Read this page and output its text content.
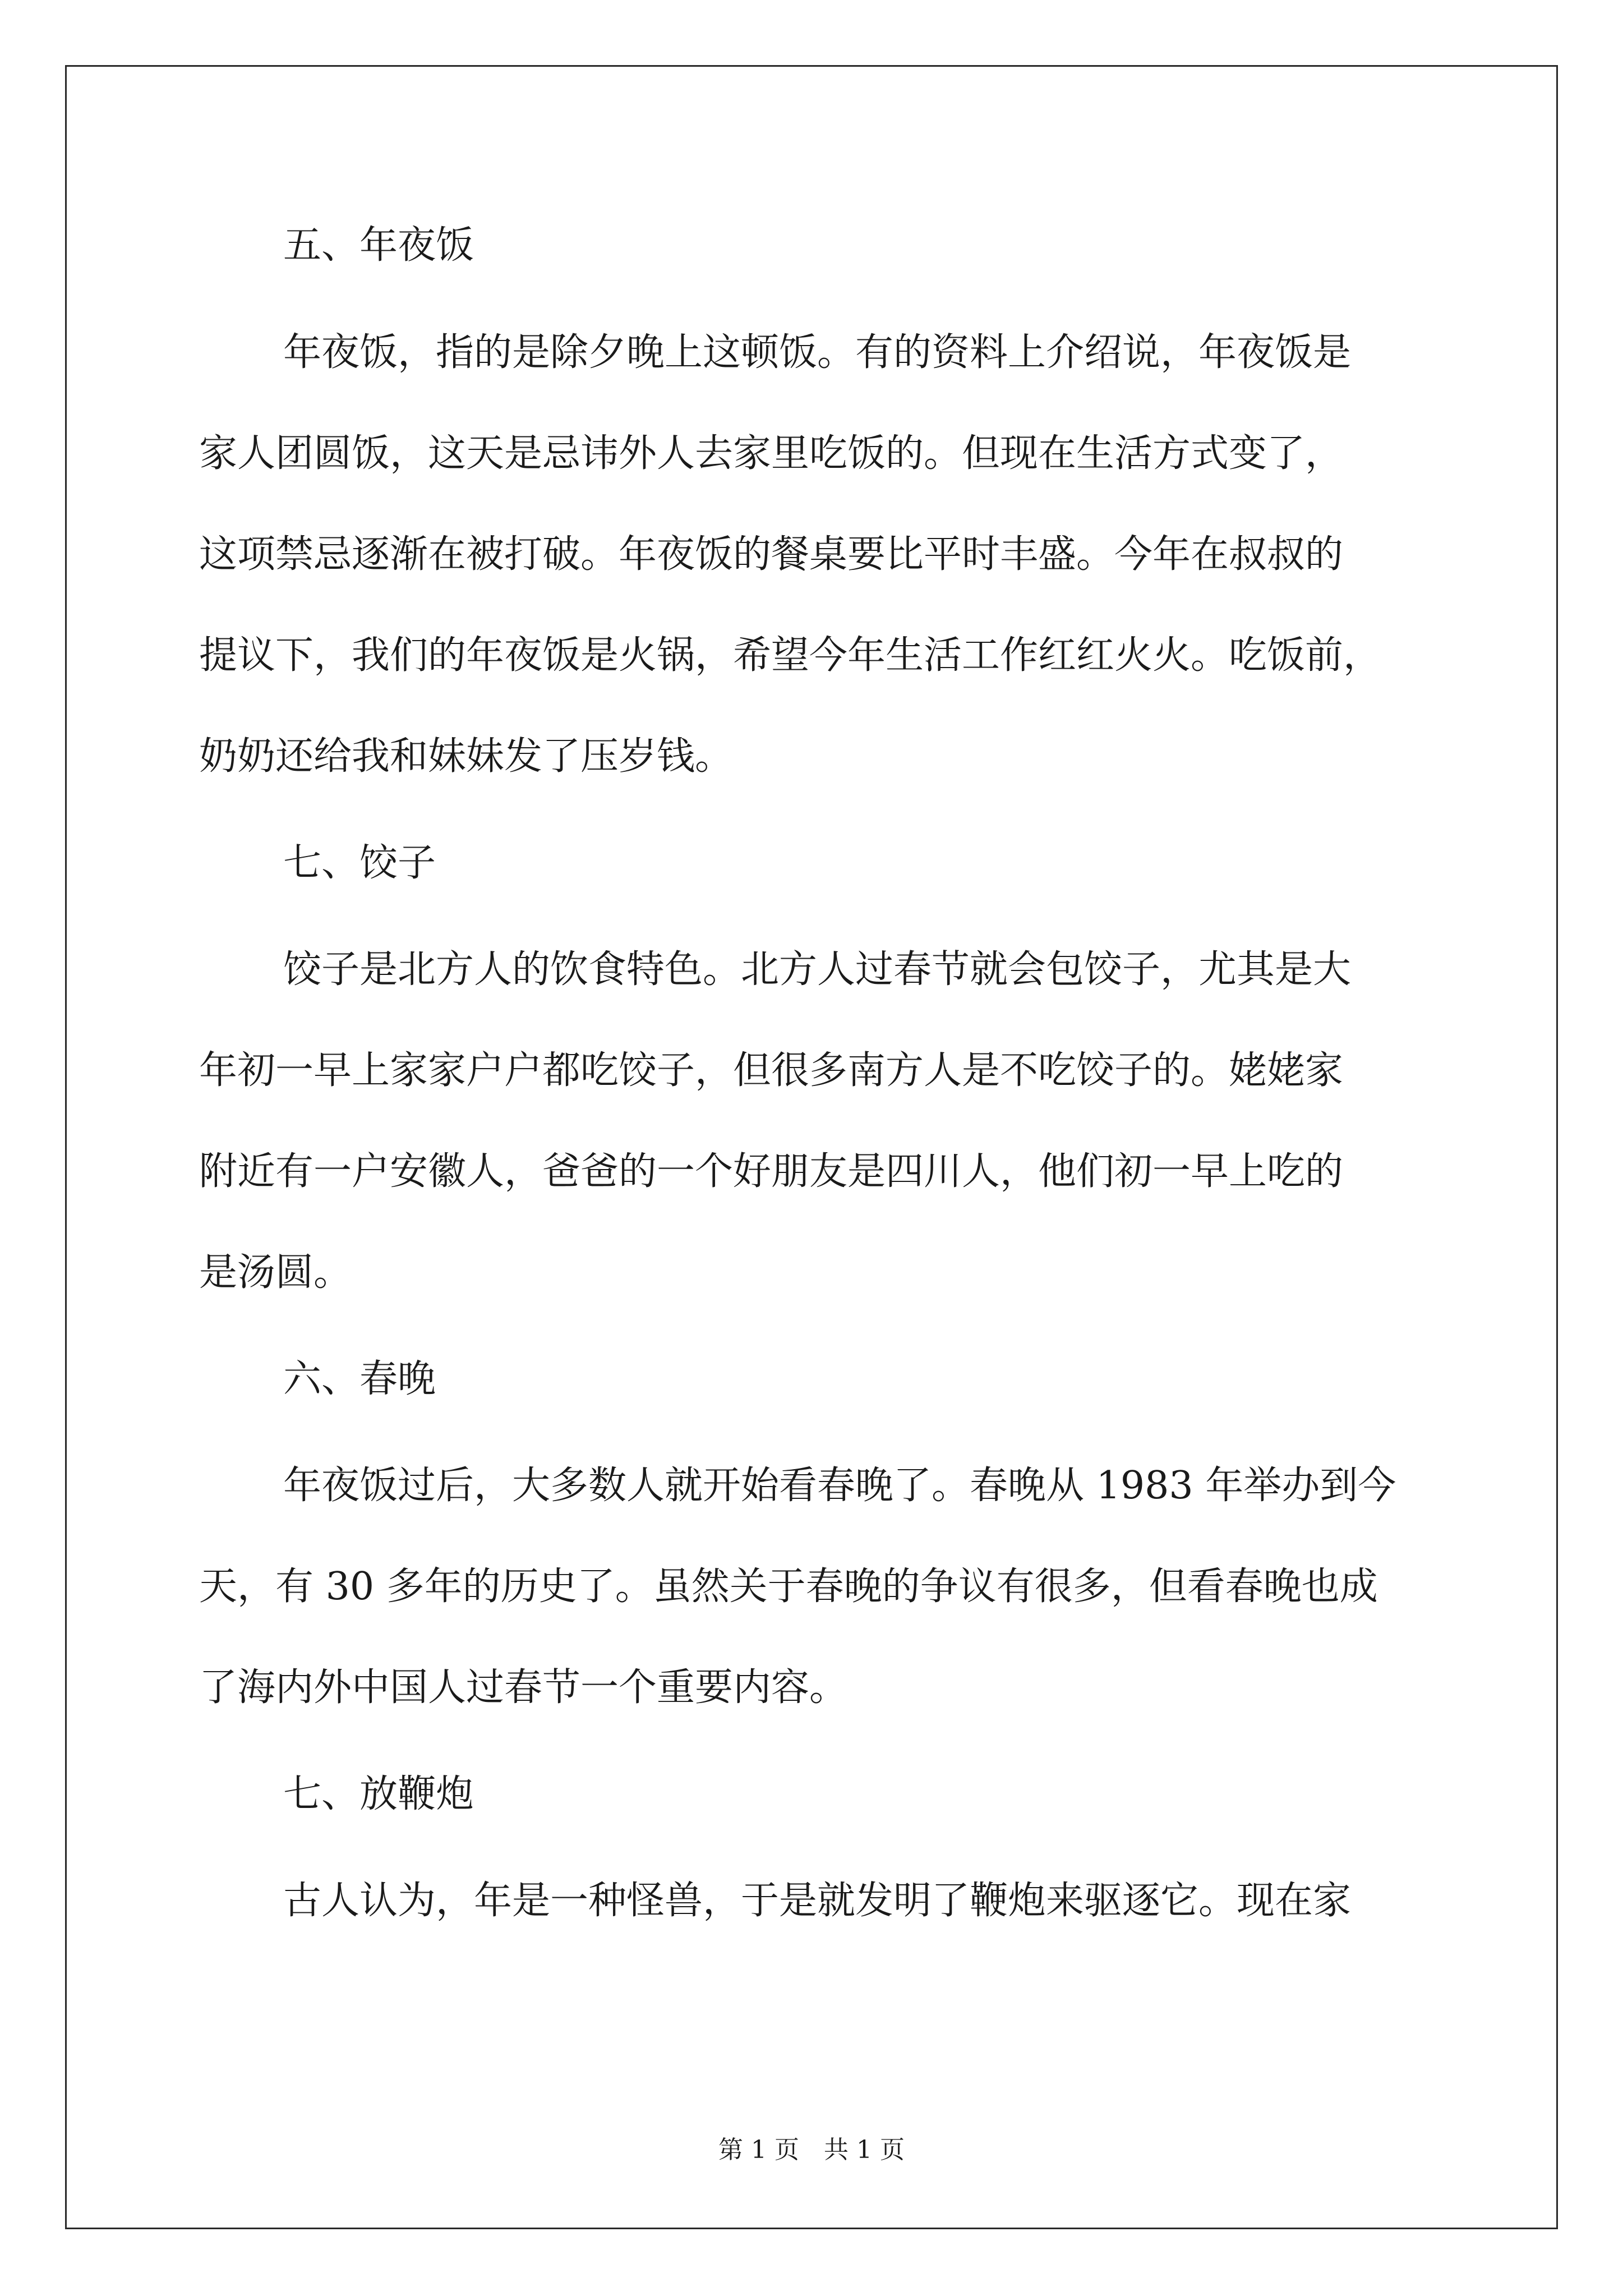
五、年夜饭

年夜饭，指的是除夕晚上这顿饭。有的资料上介绍说，年夜饭是

家人团圆饭，这天是忌讳外人去家里吃饭的。但现在生活方式变了，

这项禁忌逐渐在被打破。年夜饭的餐桌要比平时丰盛。今年在叔叔的

提议下，我们的年夜饭是火锅，希望今年生活工作红红火火。吃饭前，

奶奶还给我和妹妹发了压岁钱。

七、饺子

饺子是北方人的饮食特色。北方人过春节就会包饺子，尤其是大

年初一早上家家户户都吃饺子，但很多南方人是不吃饺子的。姥姥家

附近有一户安徽人，爸爸的一个好朋友是四川人，他们初一早上吃的

是汤圆。

六、春晚

年夜饭过后，大多数人就开始看春晚了。春晚从 1983 年举办到今

天，有 30 多年的历史了。虽然关于春晚的争议有很多，但看春晚也成

了海内外中国人过春节一个重要内容。

七、放鞭炮

古人认为，年是一种怪兽，于是就发明了鞭炮来驱逐它。现在家

第 1 页　共 1 页
